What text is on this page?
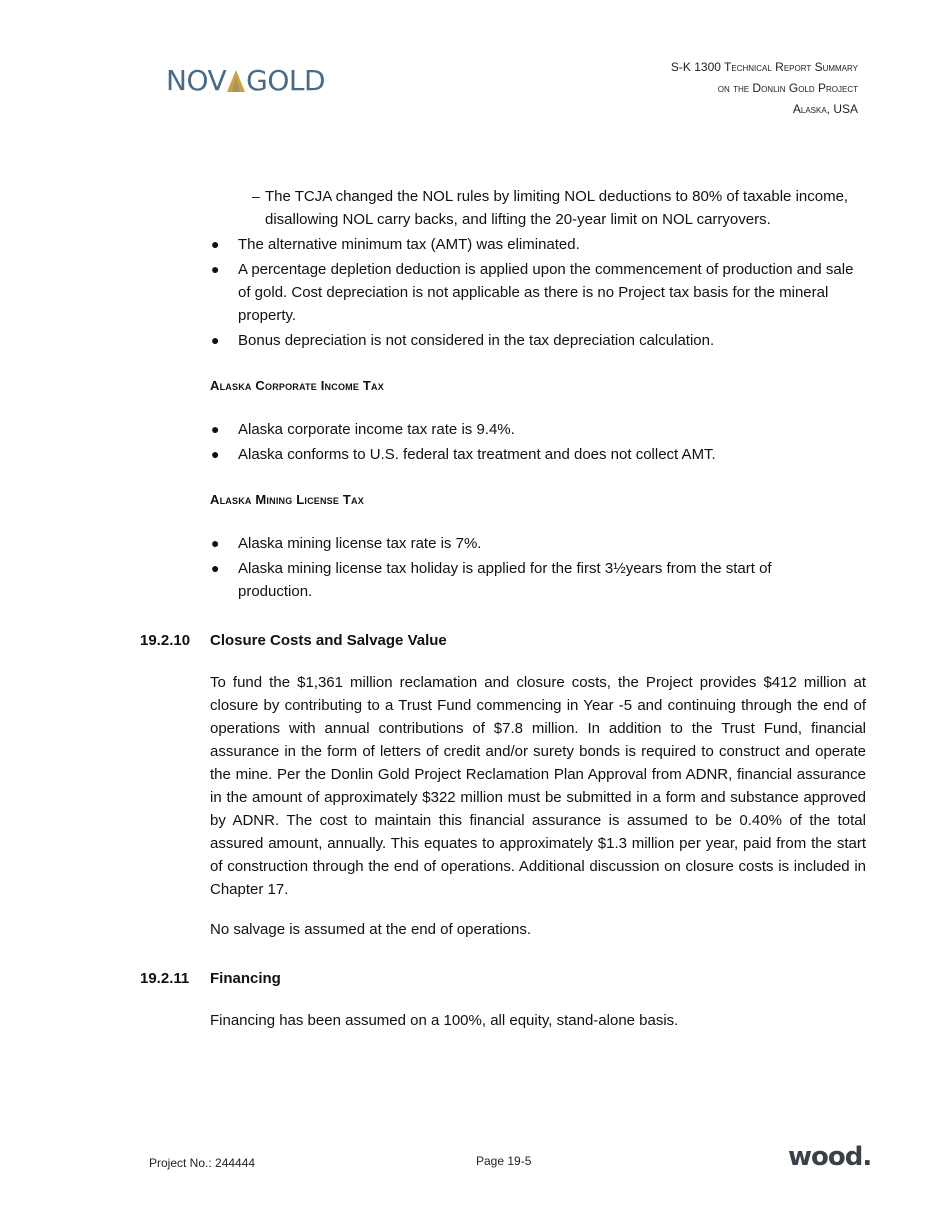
NOV GOLD	S-K 1300 Technical Report Summary
on the Donlin Gold Project
Alaska, USA
– The TCJA changed the NOL rules by limiting NOL deductions to 80% of taxable income, disallowing NOL carry backs, and lifting the 20-year limit on NOL carryovers.
● The alternative minimum tax (AMT) was eliminated.
● A percentage depletion deduction is applied upon the commencement of production and sale of gold. Cost depreciation is not applicable as there is no Project tax basis for the mineral property.
● Bonus depreciation is not considered in the tax depreciation calculation.
Alaska Corporate Income Tax
● Alaska corporate income tax rate is 9.4%.
● Alaska conforms to U.S. federal tax treatment and does not collect AMT.
Alaska Mining License Tax
● Alaska mining license tax rate is 7%.
● Alaska mining license tax holiday is applied for the first 3½years from the start of production.
19.2.10 Closure Costs and Salvage Value
To fund the $1,361 million reclamation and closure costs, the Project provides $412 million at closure by contributing to a Trust Fund commencing in Year -5 and continuing through the end of operations with annual contributions of $7.8 million. In addition to the Trust Fund, financial assurance in the form of letters of credit and/or surety bonds is required to construct and operate the mine. Per the Donlin Gold Project Reclamation Plan Approval from ADNR, financial assurance in the amount of approximately $322 million must be submitted in a form and substance approved by ADNR. The cost to maintain this financial assurance is assumed to be 0.40% of the total assured amount, annually. This equates to approximately $1.3 million per year, paid from the start of construction through the end of operations. Additional discussion on closure costs is included in Chapter 17.
No salvage is assumed at the end of operations.
19.2.11 Financing
Financing has been assumed on a 100%, all equity, stand-alone basis.
Project No.: 244444	Page 19-5	wood.
